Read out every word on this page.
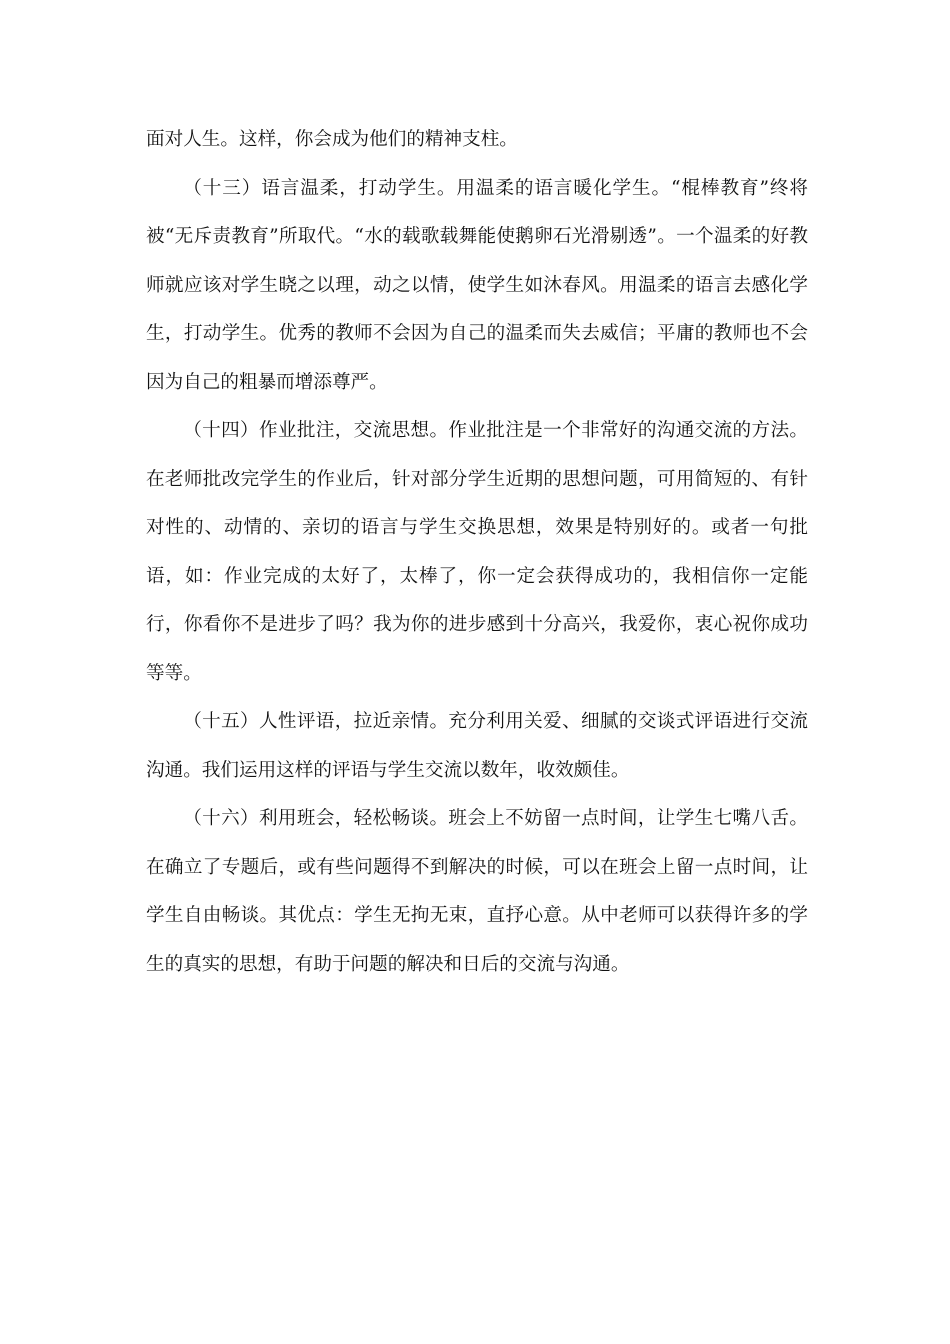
面对人生。这样，你会成为他们的精神支柱。

（十三）语言温柔，打动学生。用温柔的语言暖化学生。“棍棒教育”终将被“无斥责教育”所取代。“水的载歌载舞能使鹅卵石光滑剔透”。一个温柔的好教师就应该对学生晓之以理，动之以情，使学生如沐春风。用温柔的语言去感化学生，打动学生。优秀的教师不会因为自己的温柔而失去威信；平庸的教师也不会因为自己的粗暴而增添尊严。

（十四）作业批注，交流思想。作业批注是一个非常好的沟通交流的方法。在老师批改完学生的作业后，针对部分学生近期的思想问题，可用简短的、有针对性的、动情的、亲切的语言与学生交换思想，效果是特别好的。或者一句批语，如：作业完成的太好了，太棒了，你一定会获得成功的，我相信你一定能行，你看你不是进步了吗？我为你的进步感到十分高兴，我爱你，衷心祝你成功等等。

（十五）人性评语，拉近亲情。充分利用关爱、细腻的交谈式评语进行交流沟通。我们运用这样的评语与学生交流以数年，收效颇佳。

（十六）利用班会，轻松畅谈。班会上不妨留一点时间，让学生七嘴八舌。在确立了专题后，或有些问题得不到解决的时候，可以在班会上留一点时间，让学生自由畅谈。其优点：学生无拘无束，直抒心意。从中老师可以获得许多的学生的真实的思想，有助于问题的解决和日后的交流与沟通。
